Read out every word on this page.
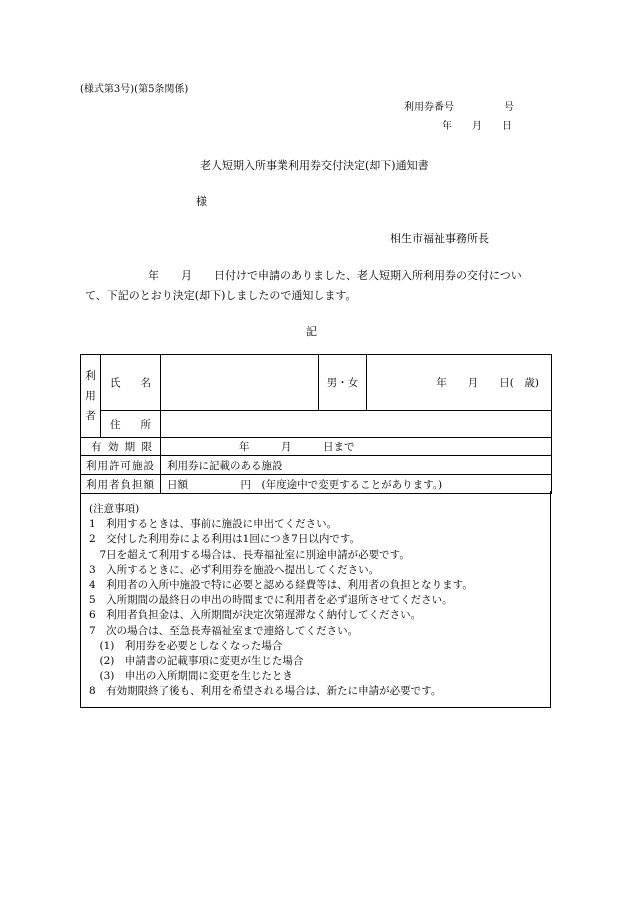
(様式第3号)(第5条関係)
利用券番号　　　　　号
年　　月　　日
老人短期入所事業利用券交付決定(却下)通知書
様
相生市福祉事務所長
年　　月　　日付けで申請のありました、老人短期入所利用券の交付につい
て、下記のとおり決定(却下)しましたので通知します。
記
利
用
者	氏 名		男・女	年　　月　　日(　歳)

	住 所			

有 効 期 限		年　　　月　　　日まで		
利用許可施設		利用券に記載のある施設		
利用者負担額		日額　　　　　円　(年度途中で変更することがあります。)		
(注意事項)
1　利用するときは、事前に施設に申出てください。
2　交付した利用券による利用は1回につき7日以内です。
　7日を超えて利用する場合は、長寿福祉室に別途申請が必要です。
3　入所するときに、必ず利用券を施設へ提出してください。
4　利用者の入所中施設で特に必要と認める経費等は、利用者の負担となります。
5　入所期間の最終日の申出の時間までに利用者を必ず退所させてください。
6　利用者負担金は、入所期間が決定次第遅滞なく納付してください。
7　次の場合は、至急長寿福祉室まで連絡してください。
　(1)　利用券を必要としなくなった場合
　(2)　申請書の記載事項に変更が生じた場合
　(3)　申出の入所期間に変更を生じたとき
8　有効期限終了後も、利用を希望される場合は、新たに申請が必要です。
